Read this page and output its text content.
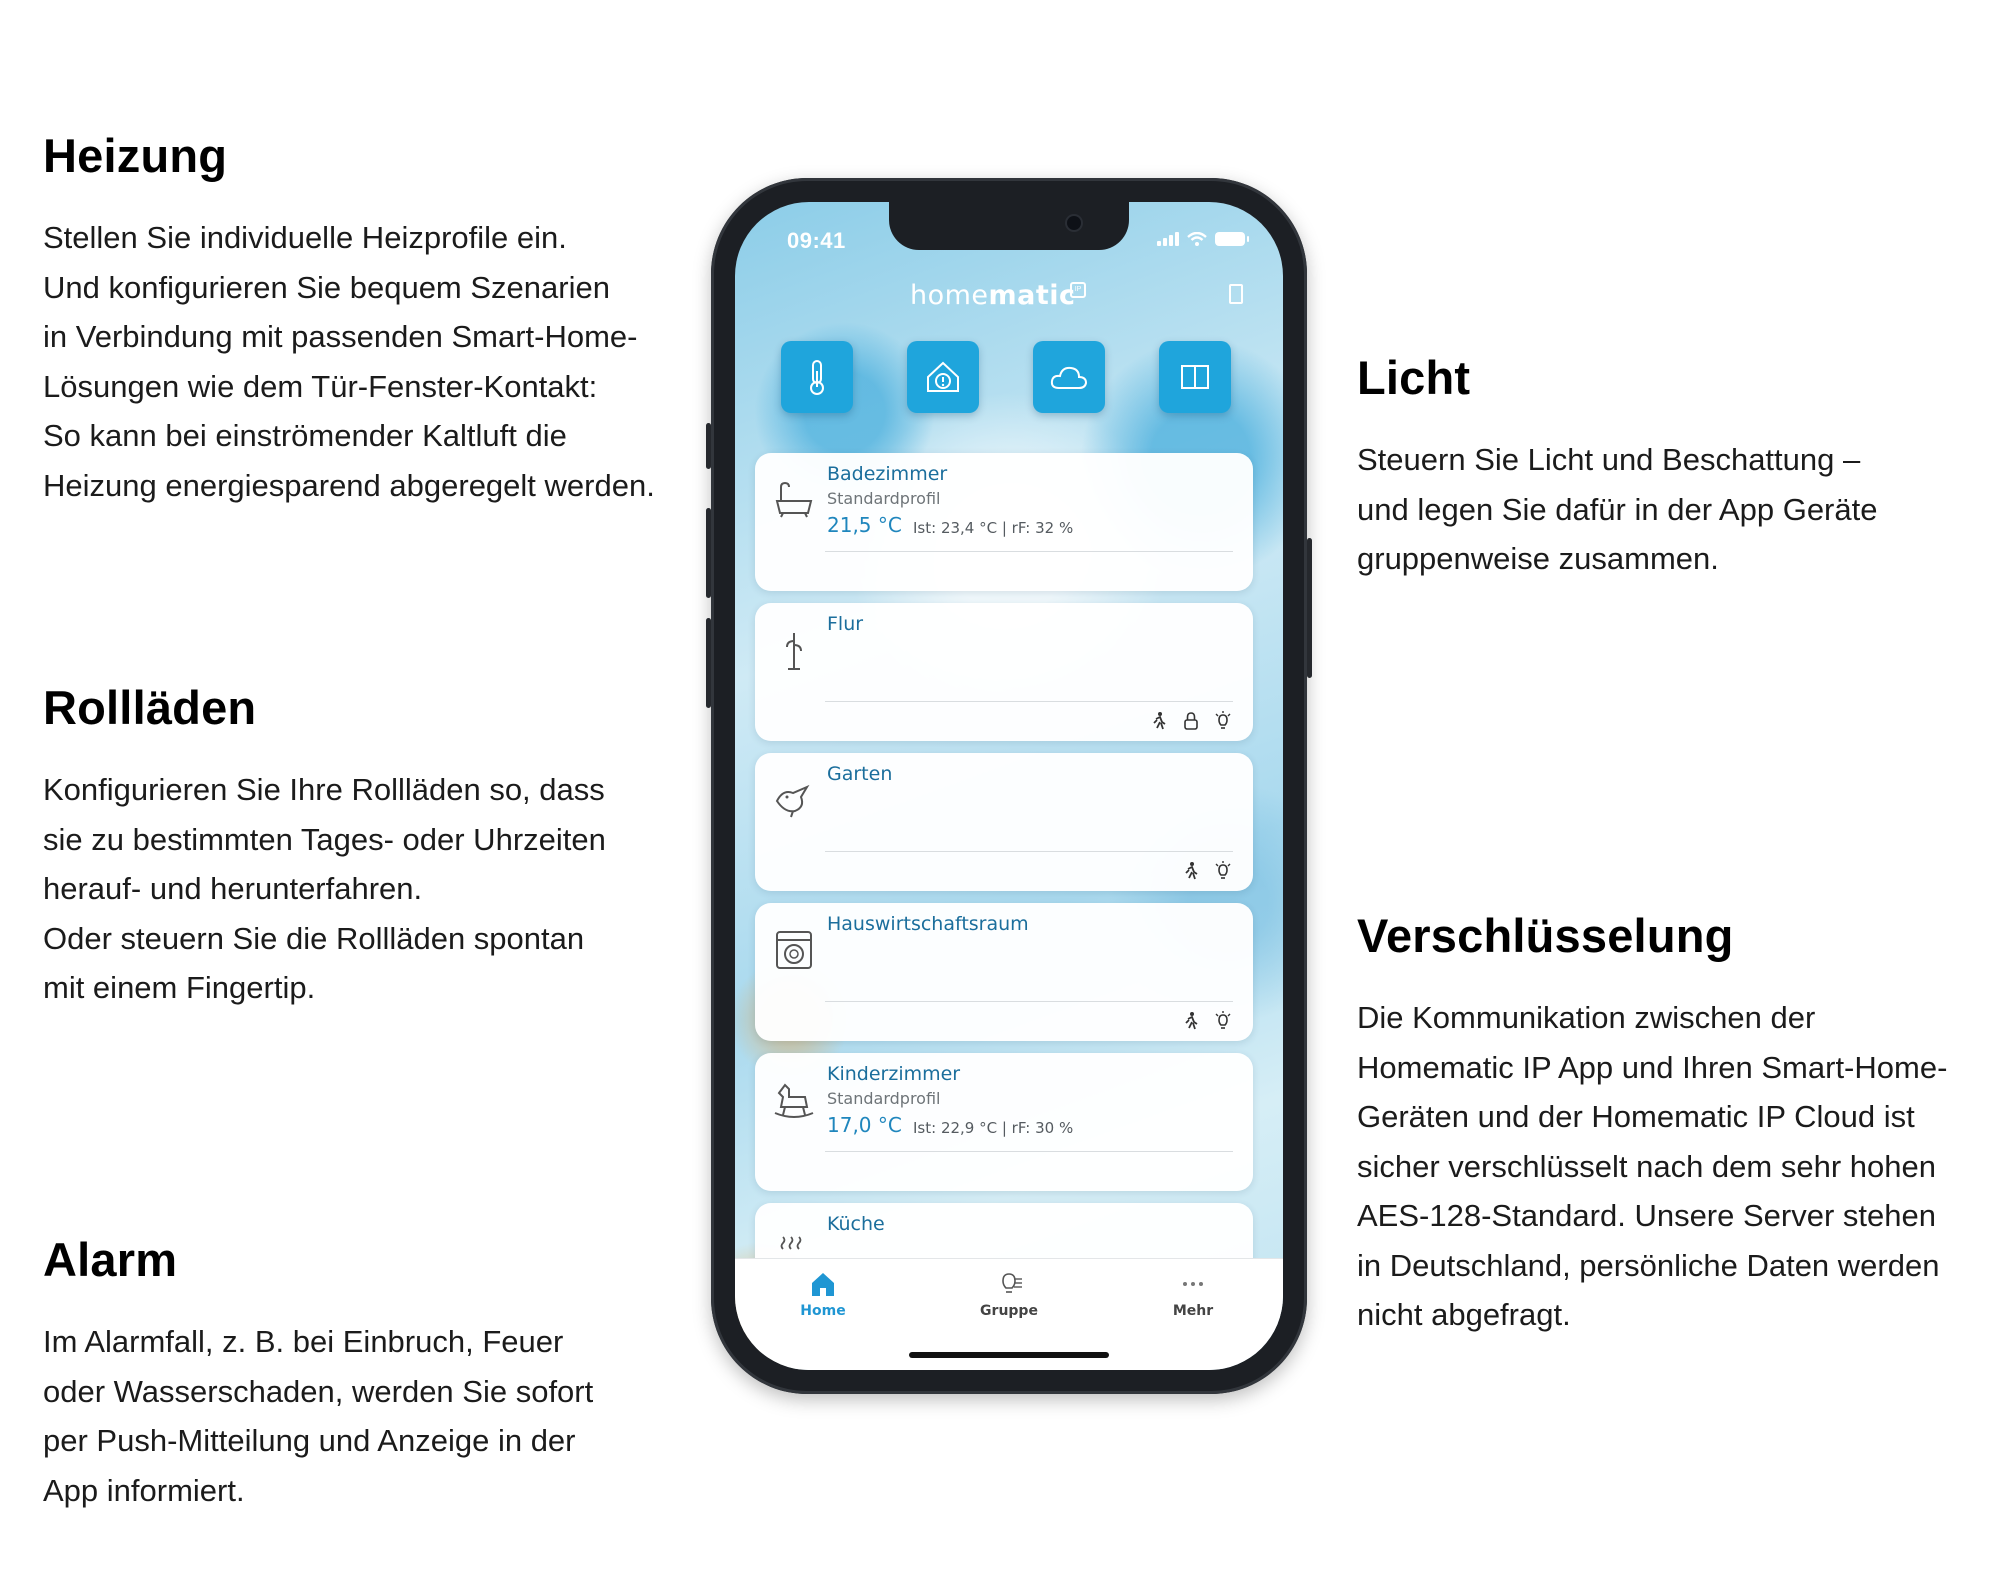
Heizung

Stellen Sie individuelle Heizprofile ein.
Und konfigurieren Sie bequem Szenarien
in Verbindung mit passenden Smart-Home-
Lösungen wie dem Tür-Fenster-Kontakt:
So kann bei einströmender Kaltluft die
Heizung energiesparend abgeregelt werden.

Rollläden

Konfigurieren Sie Ihre Rollläden so, dass
sie zu bestimmten Tages- oder Uhrzeiten
herauf- und herunterfahren.
Oder steuern Sie die Rollläden spontan
mit einem Fingertip.

Alarm

Im Alarmfall, z. B. bei Einbruch, Feuer
oder Wasserschaden, werden Sie sofort
per Push-Mitteilung und Anzeige in der
App informiert.

Licht

Steuern Sie Licht und Beschattung –
und legen Sie dafür in der App Geräte
gruppenweise zusammen.

Verschlüsselung

Die Kommunikation zwischen der
Homematic IP App und Ihren Smart-Home-
Geräten und der Homematic IP Cloud ist
sicher verschlüsselt nach dem sehr hohen
AES-128-Standard. Unsere Server stehen
in Deutschland, persönliche Daten werden
nicht abgefragt.

09:41
homematic IP
Badezimmer
Standardprofil
21,5 °C Ist: 23,4 °C | rF: 32 %
Flur
Garten
Hauswirtschaftsraum
Kinderzimmer
Standardprofil
17,0 °C Ist: 22,9 °C | rF: 30 %
Küche
Home	Gruppe	Mehr
